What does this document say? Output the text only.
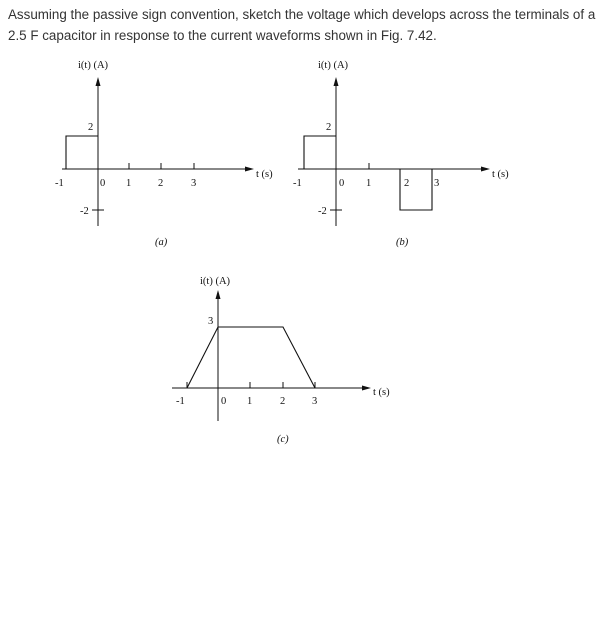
Assuming the passive sign convention, sketch the voltage which develops across the terminals of a 2.5 F capacitor in response to the current waveforms shown in Fig. 7.42.

i(t) (A)
t (s)
2
-2
-1	0 1	2	3
(a)
i(t) (A)
t (s)
2
-2
-1	0 1	2 3
(b)
i(t) (A)
t (s)
3
-1	0 1	2	3
(c)
